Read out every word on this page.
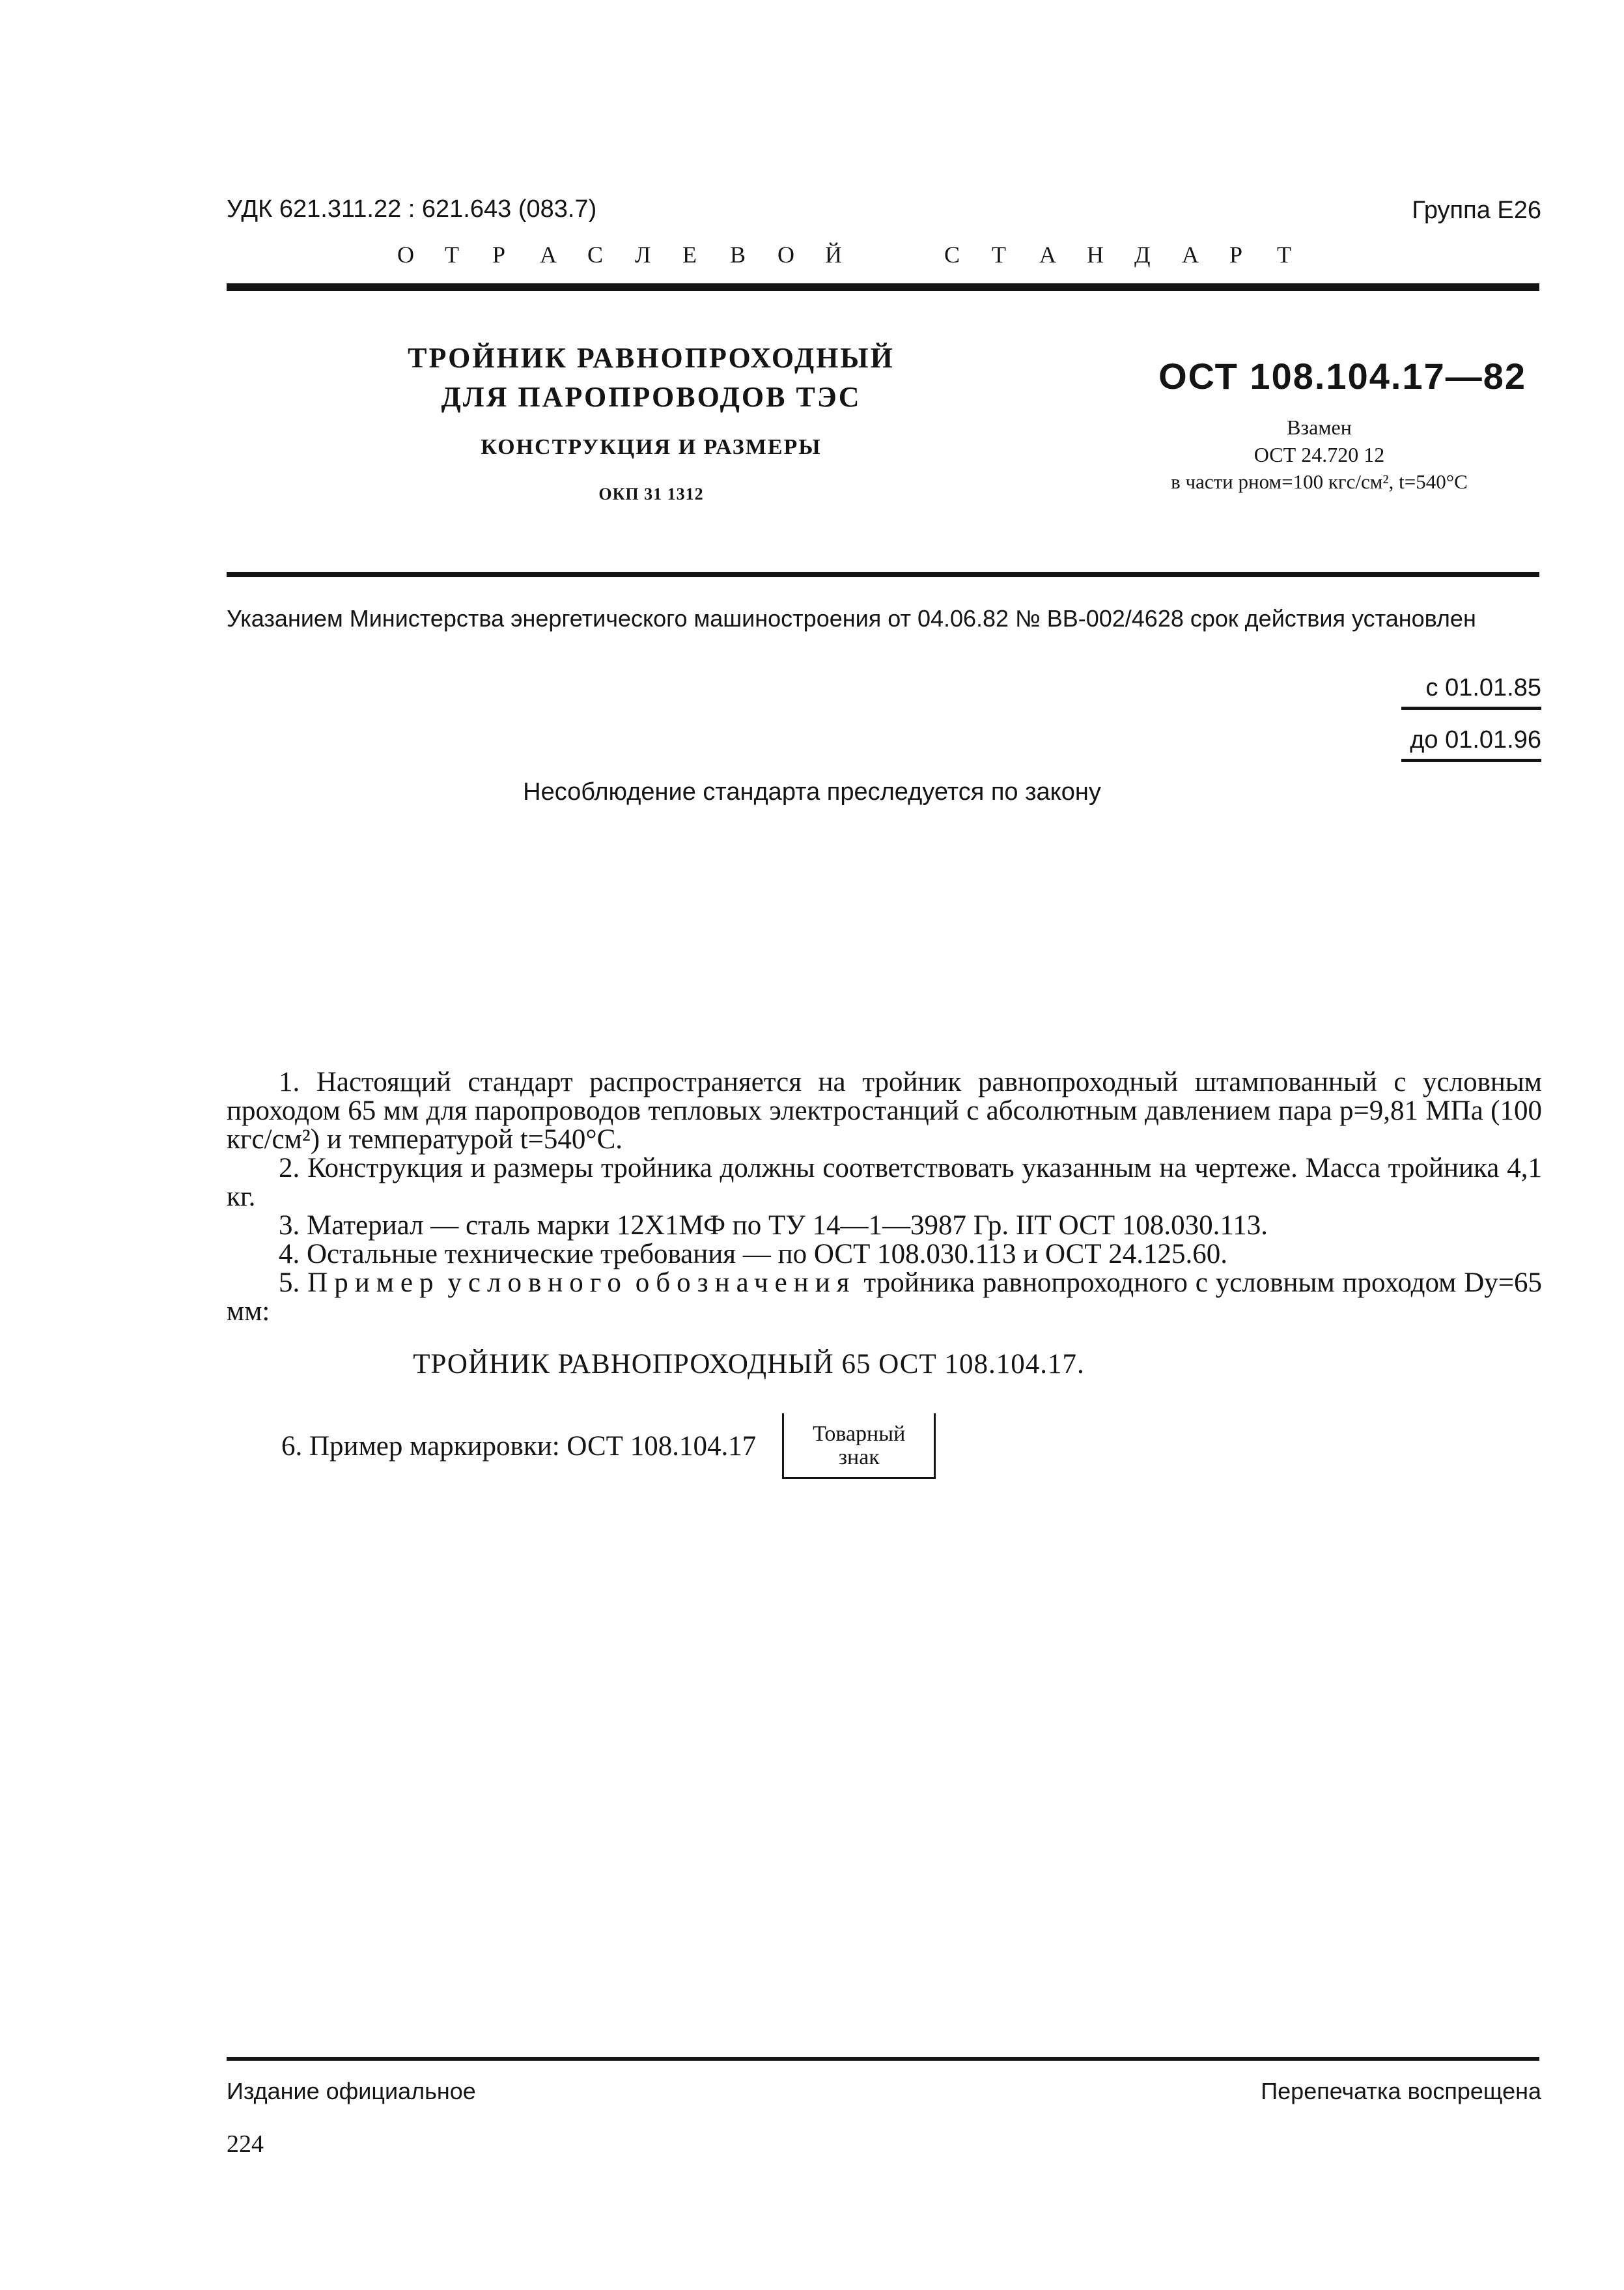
УДК 621.311.22 : 621.643 (083.7)	Группа Е26
О	Т	Р	А	С	Л	Е	В	О	Й	С	Т	А	Н	Д	А	Р	Т
ТРОЙНИК РАВНОПРОХОДНЫЙ
ДЛЯ ПАРОПРОВОДОВ ТЭС
КОНСТРУКЦИЯ И РАЗМЕРЫ
ОКП 31 1312
ОСТ 108.104.17—82
Взамен
ОСТ 24.720 12
в части pном=100 кгс/см², t=540°C
Указанием Министерства энергетического машиностроения от 04.06.82 № ВВ-002/4628 срок действия установлен
с 01.01.85
до 01.01.96
Несоблюдение стандарта преследуется по закону

1. Настоящий стандарт распространяется на тройник равнопроходный штампованный с условным проходом 65 мм для паропроводов тепловых электростанций с абсолютным давлением пара p=9,81 МПа (100 кгс/см²) и температурой t=540°С.

2. Конструкция и размеры тройника должны соответствовать указанным на чертеже. Масса тройника 4,1 кг.

3. Материал — сталь марки 12Х1МФ по ТУ 14—1—3987 Гр. IIТ ОСТ 108.030.113.

4. Остальные технические требования — по ОСТ 108.030.113 и ОСТ 24.125.60.

5. Пример условного обозначения тройника равнопроходного с условным проходом Dу=65 мм:

ТРОЙНИК РАВНОПРОХОДНЫЙ 65 ОСТ 108.104.17.
6. Пример маркировки: ОСТ 108.104.17	Товарный
знак
Издание официальное	Перепечатка воспрещена
224
